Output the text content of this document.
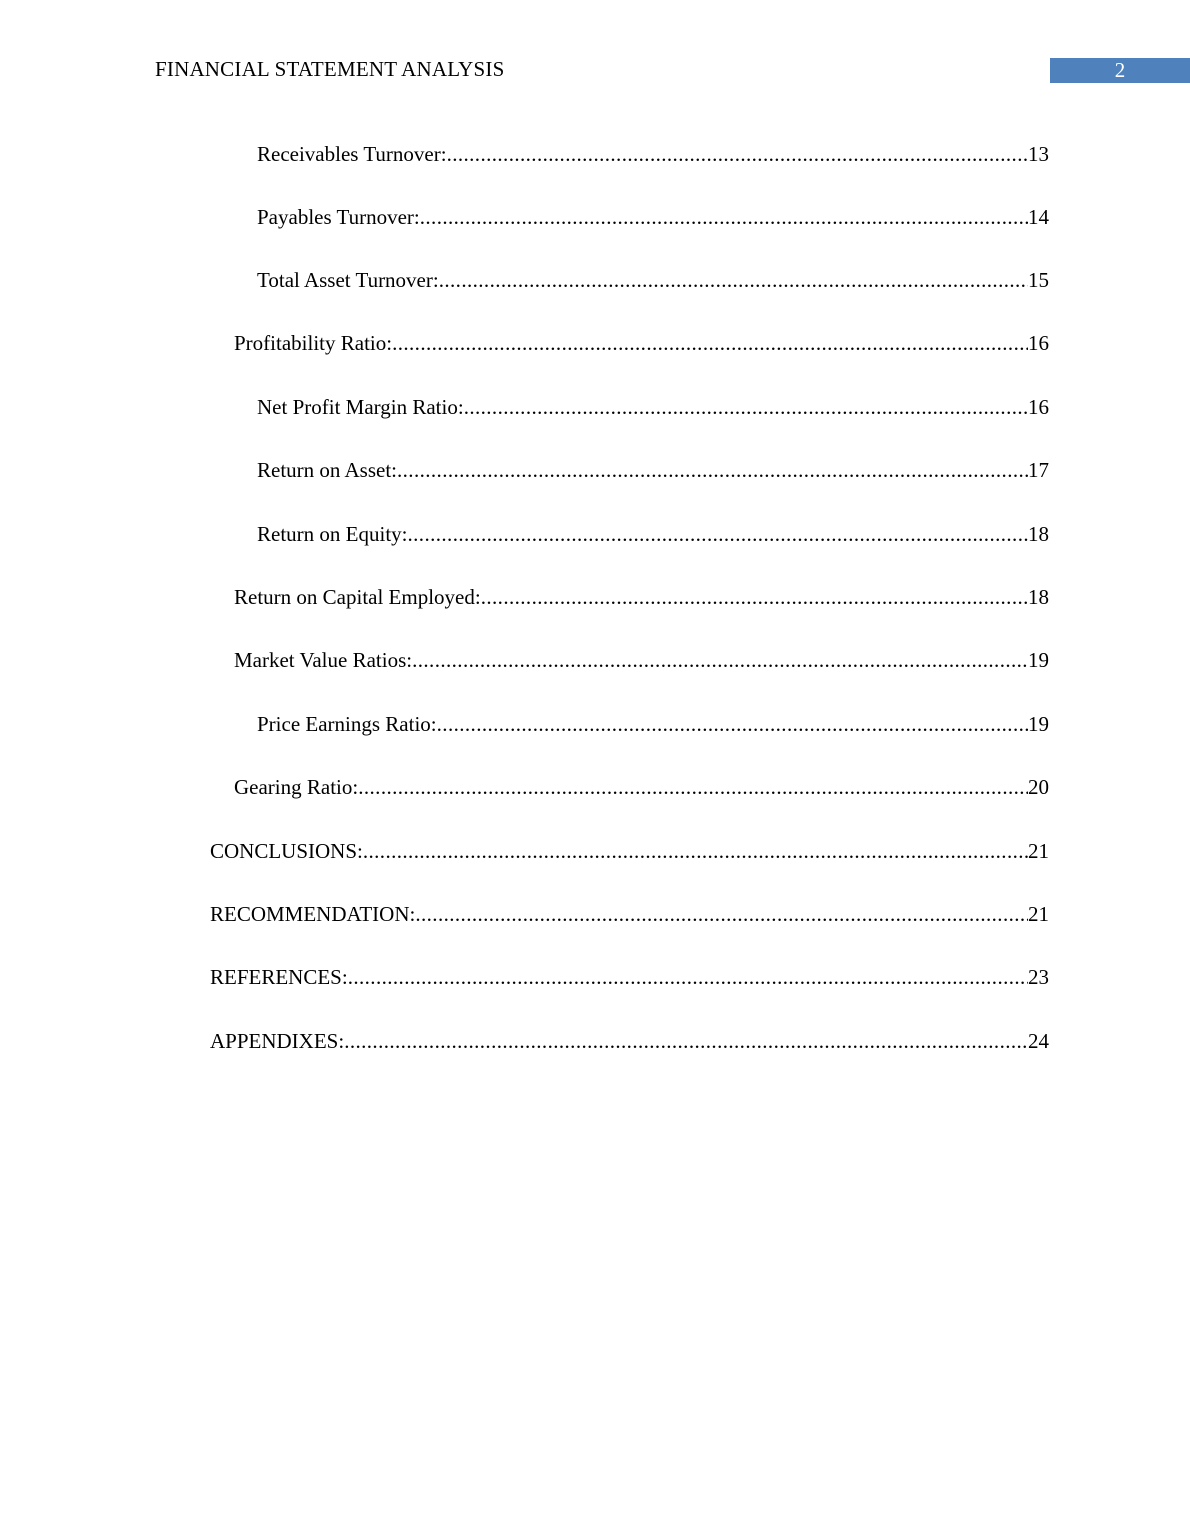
FINANCIAL STATEMENT ANALYSIS	2
Receivables Turnover: .....	13
Payables Turnover: .....	14
Total Asset Turnover: .....	15
Profitability Ratio: .....	16
Net Profit Margin Ratio: .....	16
Return on Asset: .....	17
Return on Equity: .....	18
Return on Capital Employed: .....	18
Market Value Ratios: .....	19
Price Earnings Ratio: .....	19
Gearing Ratio: .....	20
CONCLUSIONS: .....	21
RECOMMENDATION: .....	21
REFERENCES: .....	23
APPENDIXES: .....	24
